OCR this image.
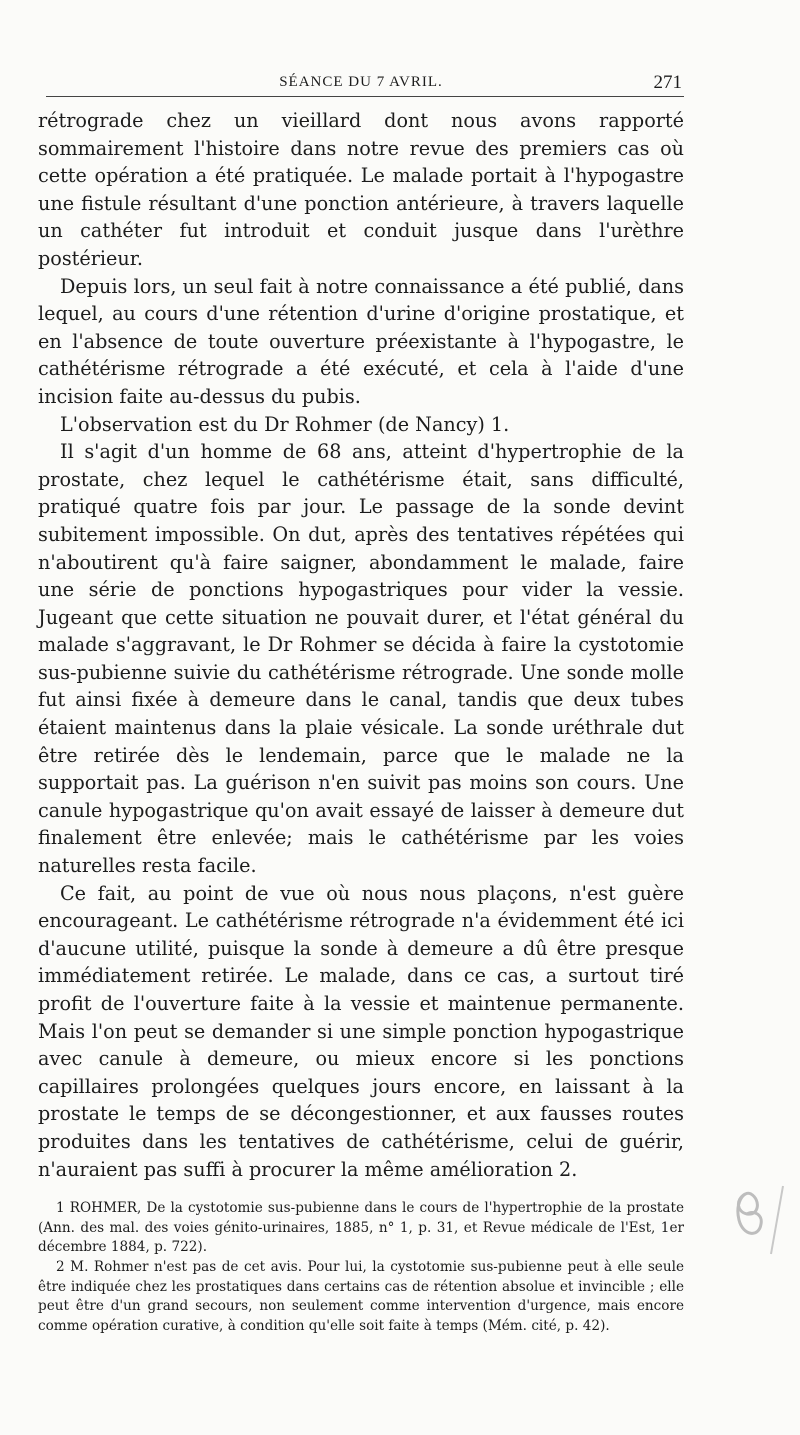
SÉANCE DU 7 AVRIL.	271

rétrograde chez un vieillard dont nous avons rapporté sommairement l'histoire dans notre revue des premiers cas où cette opération a été pratiquée. Le malade portait à l'hypogastre une fistule résultant d'une ponction antérieure, à travers laquelle un cathéter fut introduit et conduit jusque dans l'urèthre postérieur.

Depuis lors, un seul fait à notre connaissance a été publié, dans lequel, au cours d'une rétention d'urine d'origine prostatique, et en l'absence de toute ouverture préexistante à l'hypogastre, le cathétérisme rétrograde a été exécuté, et cela à l'aide d'une incision faite au-dessus du pubis.

L'observation est du Dr Rohmer (de Nancy) 1.

Il s'agit d'un homme de 68 ans, atteint d'hypertrophie de la prostate, chez lequel le cathétérisme était, sans difficulté, pratiqué quatre fois par jour. Le passage de la sonde devint subitement impossible. On dut, après des tentatives répétées qui n'aboutirent qu'à faire saigner, abondamment le malade, faire une série de ponctions hypogastriques pour vider la vessie. Jugeant que cette situation ne pouvait durer, et l'état général du malade s'aggravant, le Dr Rohmer se décida à faire la cystotomie sus-pubienne suivie du cathétérisme rétrograde. Une sonde molle fut ainsi fixée à demeure dans le canal, tandis que deux tubes étaient maintenus dans la plaie vésicale. La sonde uréthrale dut être retirée dès le lendemain, parce que le malade ne la supportait pas. La guérison n'en suivit pas moins son cours. Une canule hypogastrique qu'on avait essayé de laisser à demeure dut finalement être enlevée; mais le cathétérisme par les voies naturelles resta facile.

Ce fait, au point de vue où nous nous plaçons, n'est guère encourageant. Le cathétérisme rétrograde n'a évidemment été ici d'aucune utilité, puisque la sonde à demeure a dû être presque immédiatement retirée. Le malade, dans ce cas, a surtout tiré profit de l'ouverture faite à la vessie et maintenue permanente. Mais l'on peut se demander si une simple ponction hypogastrique avec canule à demeure, ou mieux encore si les ponctions capillaires prolongées quelques jours encore, en laissant à la prostate le temps de se décongestionner, et aux fausses routes produites dans les tentatives de cathétérisme, celui de guérir, n'auraient pas suffi à procurer la même amélioration 2.

1 ROHMER, De la cystotomie sus-pubienne dans le cours de l'hypertrophie de la prostate (Ann. des mal. des voies génito-urinaires, 1885, n° 1, p. 31, et Revue médicale de l'Est, 1er décembre 1884, p. 722).

2 M. Rohmer n'est pas de cet avis. Pour lui, la cystotomie sus-pubienne peut à elle seule être indiquée chez les prostatiques dans certains cas de rétention absolue et invincible ; elle peut être d'un grand secours, non seulement comme intervention d'urgence, mais encore comme opération curative, à condition qu'elle soit faite à temps (Mém. cité, p. 42).
